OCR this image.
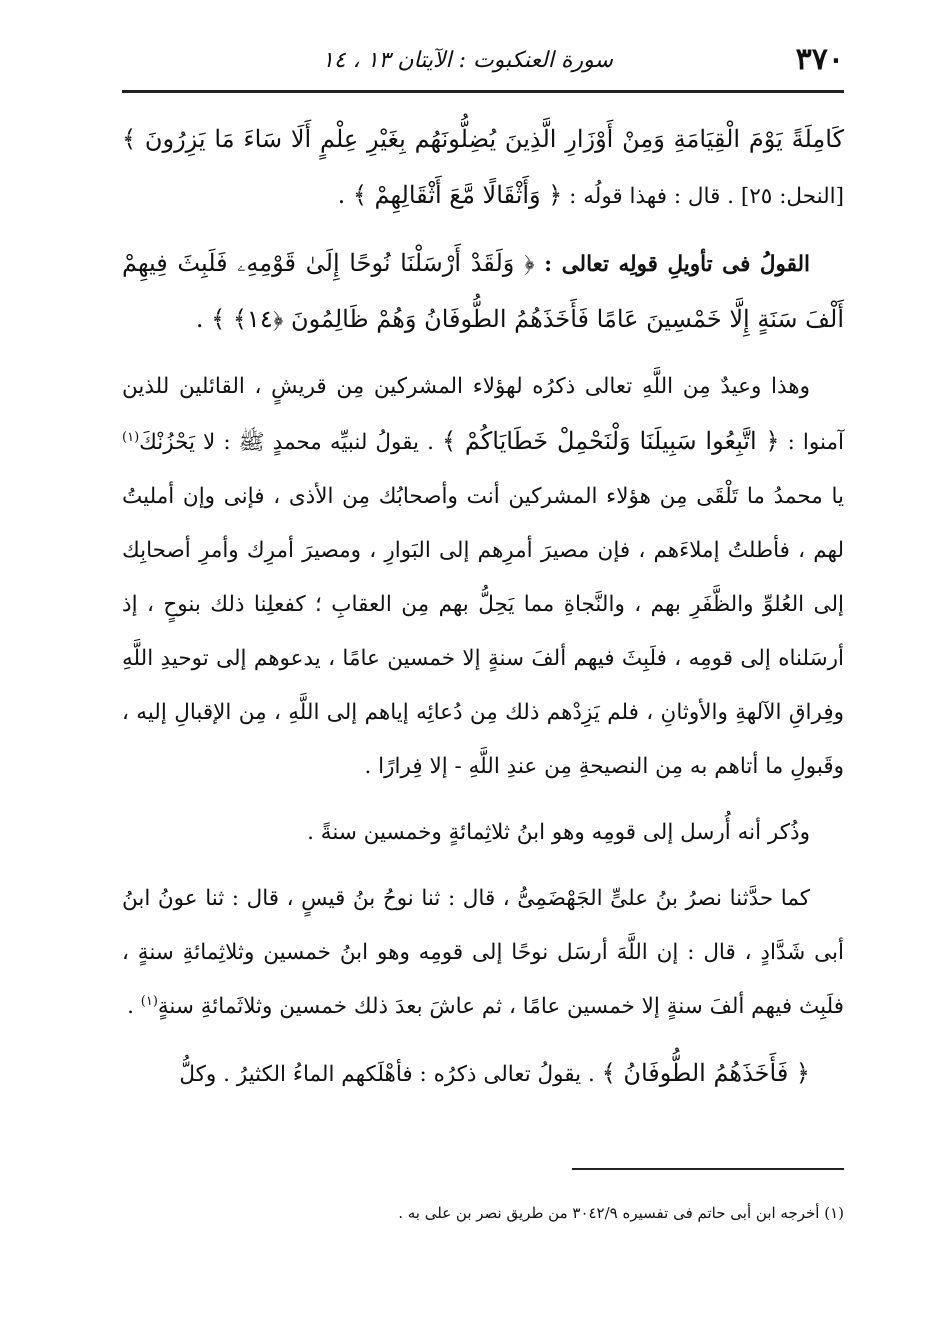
٣٧٠
سورة العنكبوت : الآيتان ١٣ ، ١٤

كَامِلَةً يَوْمَ الْقِيَامَةِ وَمِنْ أَوْزَارِ الَّذِينَ يُضِلُّونَهُم بِغَيْرِ عِلْمٍ أَلَا سَاءَ مَا يَزِرُونَ ﴾ [النحل: ٢٥] . قال : فهذا قولُه : ﴿ وَأَثْقَالًا مَّعَ أَثْقَالِهِمْ ﴾ .

القولُ فى تأويلِ قولِه تعالى : ﴿ وَلَقَدْ أَرْسَلْنَا نُوحًا إِلَىٰ قَوْمِهِۦ فَلَبِثَ فِيهِمْ أَلْفَ سَنَةٍ إِلَّا خَمْسِينَ عَامًا فَأَخَذَهُمُ الطُّوفَانُ وَهُمْ ظَالِمُونَ ﴿١٤﴾ ﴾ .

وهذا وعيدٌ مِن اللَّهِ تعالى ذكرُه لهؤلاء المشركين مِن قريشٍ ، القائلين للذين آمنوا : ﴿ اتَّبِعُوا سَبِيلَنَا وَلْنَحْمِلْ خَطَايَاكُمْ ﴾ . يقولُ لنبيِّه محمدٍ ﷺ : لا يَحْزُنْكَ$^{(١)}$ يا محمدُ ما تَلْقَى مِن هؤلاء المشركين أنت وأصحابُك مِن الأذى ، فإنى وإن أمليتُ لهم ، فأطلتُ إملاءَهم ، فإن مصيرَ أمرِهم إلى البَوارِ ، ومصيرَ أمرِك وأمرِ أصحابِك إلى العُلوِّ والظَّفَرِ بهم ، والنَّجاةِ مما يَحِلُّ بهم مِن العقابِ ؛ كفعلِنا ذلك بنوحٍ ، إذ أرسَلناه إلى قومِه ، فلَبِثَ فيهم ألفَ سنةٍ إلا خمسين عامًا ، يدعوهم إلى توحيدِ اللَّهِ وفِراقِ الآلهةِ والأوثانِ ، فلم يَزِدْهم ذلك مِن دُعائِه إياهم إلى اللَّهِ ، مِن الإقبالِ إليه ، وقَبولِ ما أتاهم به مِن النصيحةِ مِن عندِ اللَّهِ - إلا فِرارًا .

وذُكر أنه أُرسل إلى قومِه وهو ابنُ ثلاثِمائةٍ وخمسين سنةً .

كما حدَّثنا نصرُ بنُ علىٍّ الجَهْضَمِىُّ ، قال : ثنا نوحُ بنُ قيسٍ ، قال : ثنا عونُ ابنُ أبى شَدَّادٍ ، قال : إن اللَّهَ أرسَل نوحًا إلى قومِه وهو ابنُ خمسين وثلاثِمائةِ سنةٍ ، فلَبِث فيهم ألفَ سنةٍ إلا خمسين عامًا ، ثم عاشَ بعدَ ذلك خمسين وثلاثَمائةِ سنةٍ$^{(١)}$ .

﴿ فَأَخَذَهُمُ الطُّوفَانُ ﴾ . يقولُ تعالى ذكرُه : فأهْلَكهم الماءُ الكثيرُ . وكلُّ

(١) أخرجه ابن أبى حاتم فى تفسيره ٣٠٤٢/٩ من طريق نصر بن على به .
